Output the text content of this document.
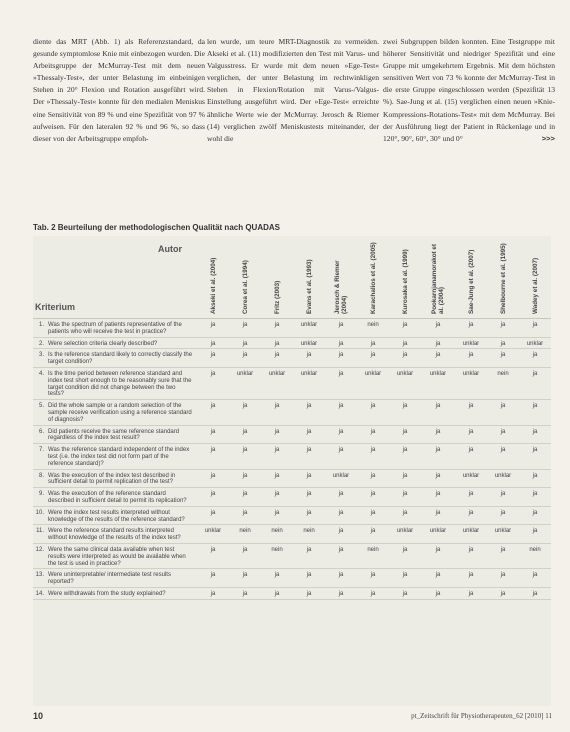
diente das MRT (Abb. 1) als Referenzstandard, da gesunde symptomlose Knie mit einbezogen wurden. Die Arbeitsgruppe der McMurray-Test mit dem neuen »Thessaly-Test«, der unter Belastung im einbeinigen Stehen in 20° Flexion und Rotation ausgeführt wird. Der »Thessaly-Test« konnte für den medialen Meniskus eine Sensitivität von 89 % und eine Spezifität von 97 % aufweisen. Für den lateralen 92 % und 96 %, so dass dieser von der Arbeitsgruppe empfoh-

len wurde, um teure MRT-Diagnostik zu vermeiden. Akseki et al. (11) modifizierten den Test mit Varus- und Valgusstress. Er wurde mit dem neuen »Ege-Test« verglichen, der unter Belastung im rechtwinkligen Stehen in Flexion/Rotation mit Varus-/Valgus-Einstellung ausgeführt wird. Der »Ege-Test« erreichte ähnliche Werte wie der McMurray. Jerosch & Riemer (14) verglichen zwölf Meniskustests miteinander, der wohl die

zwei Subgruppen bilden konnten. Eine Testgruppe mit höherer Sensitivität und niedriger Spezifität und eine Gruppe mit umgekehrtem Ergebnis. Mit dem höchsten sensitiven Wert von 73 % konnte der McMurray-Test in die erste Gruppe eingeschlossen werden (Spezifität 13 %). Sae-Jung et al. (15) verglichen einen neuen »Knie-Kompressions-Rotations-Test« mit dem McMurray. Bei der Ausführung liegt der Patient in Rückenlage und in 120°, 90°, 60°, 30° und 0°	>>>

Tab. 2 Beurteilung der methodologischen Qualität nach QUADAS
Autor
Kriterium

		Akseki et al. (2004)	Corea et al. (1994)	Fritz (2003)	Evans et al. (1993)	Jerosch & Riemer (2004)	Karachalios et al. (2005)	Kurosaka et al. (1999)	Pookarnjanamorakot et al. (2004)	Sae-Jung et al. (2007)	Shelbourne et al. (1995)	Wadey et al. (2007)

1.	Was the spectrum of patients representative of the patients who will receive the test in practice?	ja	ja	ja	unklar	ja	nein	ja	ja	ja	ja	ja
2.	Were selection criteria clearly described?	ja	ja	ja	unklar	ja	ja	ja	ja	unklar	ja	unklar
3.	Is the reference standard likely to correctly classify the target condition?	ja	ja	ja	ja	ja	ja	ja	ja	ja	ja	ja
4.	Is the time period between reference standard and index test short enough to be reasonably sure that the target condition did not change between the two tests?	ja	unklar	unklar	unklar	ja	unklar	unklar	unklar	unklar	nein	ja
5.	Did the whole sample or a random selection of the sample receive verification using a reference standard of diagnosis?	ja	ja	ja	ja	ja	ja	ja	ja	ja	ja	ja
6.	Did patients receive the same reference standard regardless of the index test result?	ja	ja	ja	ja	ja	ja	ja	ja	ja	ja	ja
7.	Was the reference standard independent of the index test (i.e. the index test did not form part of the reference standard)?	ja	ja	ja	ja	ja	ja	ja	ja	ja	ja	ja
8.	Was the execution of the index test described in sufficient detail to permit replication of the test?	ja	ja	ja	ja	unklar	ja	ja	ja	unklar	unklar	ja
9.	Was the execution of the reference standard described in sufficient detail to permit its replication?	ja	ja	ja	ja	ja	ja	ja	ja	ja	ja	ja
10.	Were the index test results interpreted without knowledge of the results of the reference standard?	ja	ja	ja	ja	ja	ja	ja	ja	ja	ja	ja
11.	Were the reference standard results interpreted without knowledge of the results of the index test?	unklar	nein	nein	nein	ja	ja	unklar	unklar	unklar	unklar	ja
12.	Were the same clinical data available when test results were interpreted as would be available when the test is used in practice?	ja	ja	nein	ja	ja	nein	ja	ja	ja	ja	nein
13.	Were uninterpretable/ intermediate test results reported?	ja	ja	ja	ja	ja	ja	ja	ja	ja	ja	ja
14.	Were withdrawals from the study explained?	ja	ja	ja	ja	ja	ja	ja	ja	ja	ja	ja
10	pt_Zeitschrift für Physiotherapeuten_62 [2010] 11
